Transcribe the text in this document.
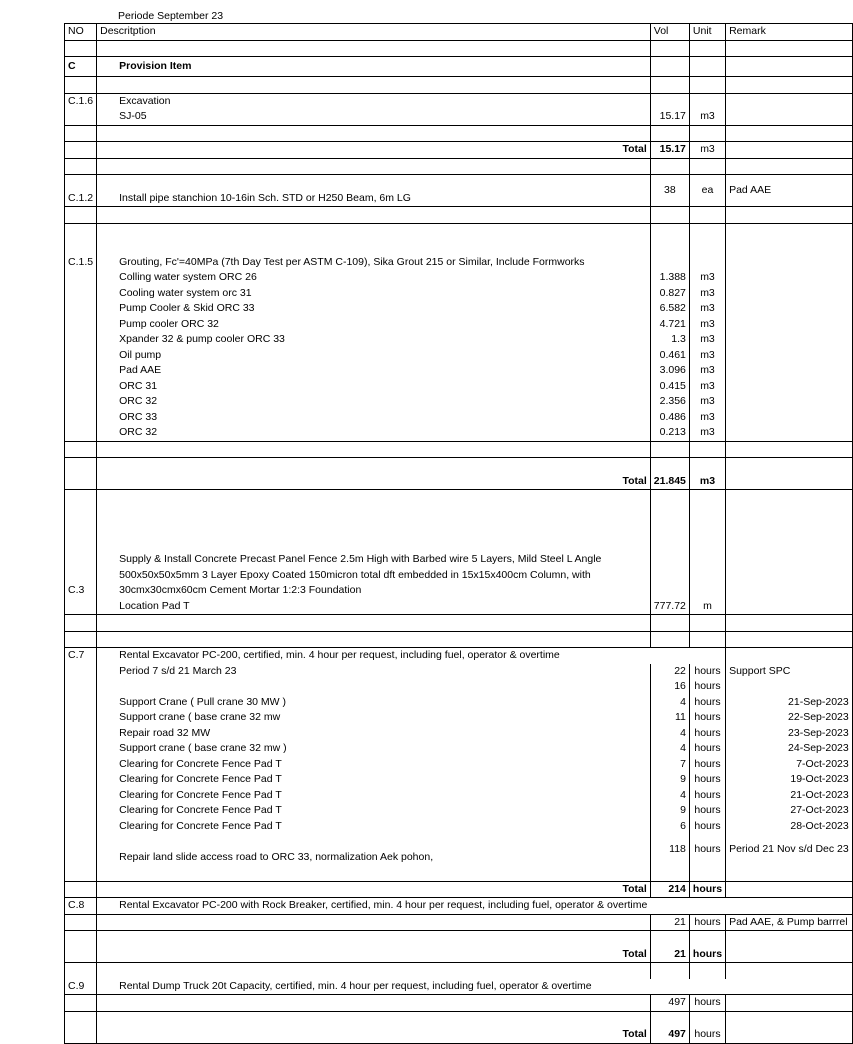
Periode September 23
NO	Descritption	Vol	Unit	Remark

C	Provision Item			

C.1.6	Excavation			
	SJ-05	15.17	m3	

	Total	15.17	m3	

C.1.2	Install pipe stanchion 10-16in Sch. STD or H250 Beam, 6m LG	38	ea	Pad AAE

C.1.5	Grouting, Fc'=40MPa (7th Day Test per ASTM C-109), Sika Grout 215 or Similar, Include Formworks			
	Colling water system ORC 26	1.388	m3	
	Cooling water system orc 31	0.827	m3	
	Pump Cooler & Skid ORC 33	6.582	m3	
	Pump cooler ORC 32	4.721	m3	
	Xpander 32 & pump cooler ORC 33	1.3	m3	
	Oil pump	0.461	m3	
	Pad AAE	3.096	m3	
	ORC 31	0.415	m3	
	ORC 32	2.356	m3	
	ORC 33	0.486	m3	
	ORC 32	0.213	m3	

	Total	21.845	m3	

C.3	Supply & Install Concrete Precast Panel Fence 2.5m High with Barbed wire 5 Layers, Mild Steel L Angle 500x50x50x5mm 3 Layer Epoxy Coated 150micron total dft embedded in 15x15x400cm Column, with 30cmx30cmx60cm Cement Mortar 1:2:3 Foundation			
	Location Pad T	777.72	m	

C.7	Rental Excavator PC-200, certified, min. 4 hour per request, including fuel, operator & overtime			
	Period 7 s/d 21 March 23	22	hours	Support SPC
		16	hours	
	Support Crane ( Pull crane 30 MW )	4	hours	21-Sep-2023
	Support crane ( base crane 32 mw	11	hours	22-Sep-2023
	Repair road 32 MW	4	hours	23-Sep-2023
	Support crane ( base crane 32 mw )	4	hours	24-Sep-2023
	Clearing for Concrete Fence Pad T	7	hours	7-Oct-2023
	Clearing for Concrete Fence Pad T	9	hours	19-Oct-2023
	Clearing for Concrete Fence Pad T	4	hours	21-Oct-2023
	Clearing for Concrete Fence Pad T	9	hours	27-Oct-2023
	Clearing for Concrete Fence Pad T	6	hours	28-Oct-2023
	Repair land slide access road to ORC 33, normalization Aek pohon,	118	hours	Period 21 Nov s/d Dec 23

	Total	214	hours	
C.8	Rental Excavator PC-200 with Rock Breaker, certified, min. 4 hour per request, including fuel, operator & overtime			
		21	hours	Pad AAE, & Pump barrrel

	Total	21	hours	

C.9	Rental Dump Truck 20t Capacity, certified, min. 4 hour per request, including fuel, operator & overtime			
		497	hours	

	Total	497	hours	
